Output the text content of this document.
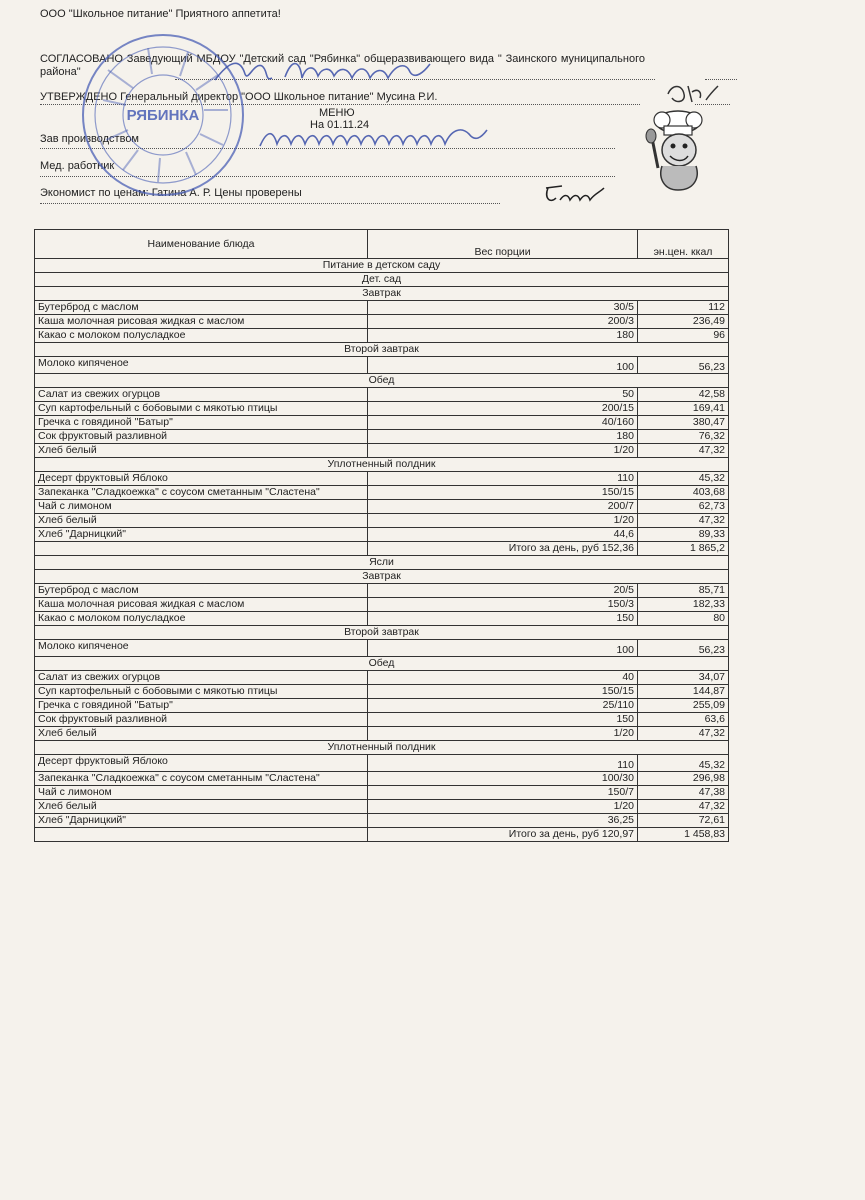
ООО "Школьное питание" Приятного аппетита!
СОГЛАСОВАНО Заведующий МБДОУ "Детский сад "Рябинка" общеразвивающего вида " Заинского муниципального района"
УТВЕРЖДЕНО Генеральный директор "ООО Школьное питание" Мусина Р.И.
МЕНЮ
На 01.11.24
Зав производством
Мед. работник
Экономист по ценам: Гатина А. Р. Цены проверены
РЯБИНКА
Наименование блюда	Вес порции	эн.цен. ккал
Питание в детском саду		
Дет. сад		
Завтрак		
Бутерброд с маслом	30/5	112
Каша молочная рисовая жидкая с маслом	200/3	236,49
Какао с молоком полусладкое	180	96
Второй завтрак		
Молоко кипяченое	100	56,23
Обед		
Салат из свежих огурцов	50	42,58
Суп картофельный с бобовыми с мякотью птицы	200/15	169,41
Гречка с говядиной "Батыр"	40/160	380,47
Сок фруктовый разливной	180	76,32
Хлеб белый	1/20	47,32
Уплотненный полдник		
Десерт фруктовый Яблоко	110	45,32
Запеканка "Сладкоежка" с соусом сметанным "Сластена"	150/15	403,68
Чай с лимоном	200/7	62,73
Хлеб белый	1/20	47,32
Хлеб "Дарницкий"	44,6	89,33
	Итого за день, руб 152,36	1 865,2
Ясли		
Завтрак		
Бутерброд с маслом	20/5	85,71
Каша молочная рисовая жидкая с маслом	150/3	182,33
Какао с молоком полусладкое	150	80
Второй завтрак		
Молоко кипяченое	100	56,23
Обед		
Салат из свежих огурцов	40	34,07
Суп картофельный с бобовыми с мякотью птицы	150/15	144,87
Гречка с говядиной "Батыр"	25/110	255,09
Сок фруктовый разливной	150	63,6
Хлеб белый	1/20	47,32
Уплотненный полдник		
Десерт фруктовый Яблоко	110	45,32
Запеканка "Сладкоежка" с соусом сметанным "Сластена"	100/30	296,98
Чай с лимоном	150/7	47,38
Хлеб белый	1/20	47,32
Хлеб "Дарницкий"	36,25	72,61
	Итого за день, руб 120,97	1 458,83
